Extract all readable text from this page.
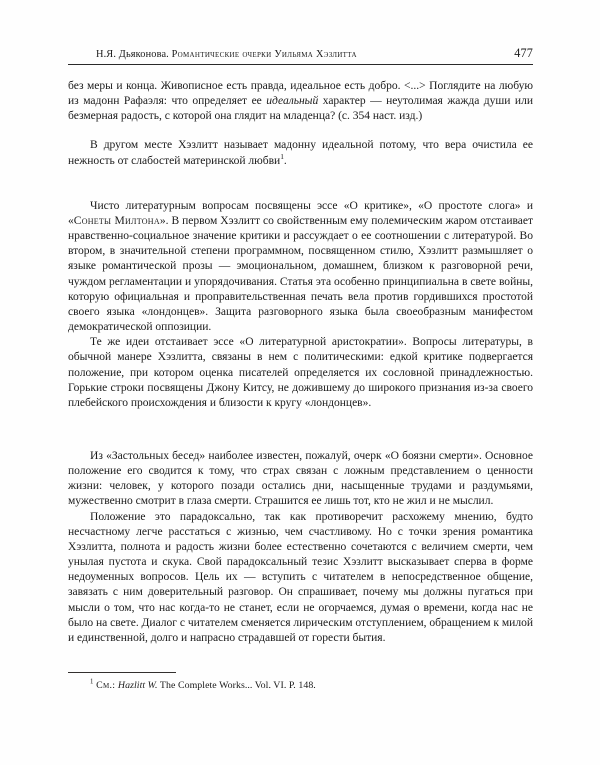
Н.Я. Дьяконова. Романтические очерки Уильяма Хэзлитта	477

без меры и конца. Живописное есть правда, идеальное есть добро. <...> Поглядите на любую из мадонн Рафаэля: что определяет ее идеальный характер — неутолимая жажда души или безмерная радость, с которой она глядит на младенца? (с. 354 наст. изд.)

В другом месте Хэзлитт называет мадонну идеальной потому, что вера очистила ее нежность от слабостей материнской любви$^1$.

Чисто литературным вопросам посвящены эссе «О критике», «О простоте слога» и «Сонеты Милтона». В первом Хэзлитт со свойственным ему полемическим жаром отстаивает нравственно-социальное значение критики и рассуждает о ее соотношении с литературой. Во втором, в значительной степени программном, посвященном стилю, Хэзлитт размышляет о языке романтической прозы — эмоциональном, домашнем, близком к разговорной речи, чуждом регламентации и упорядочивания. Статья эта особенно принципиальна в свете войны, которую официальная и проправительственная печать вела против гордившихся простотой своего языка «лондонцев». Защита разговорного языка была своеобразным манифестом демократической оппозиции.

Те же идеи отстаивает эссе «О литературной аристократии». Вопросы литературы, в обычной манере Хэзлитта, связаны в нем с политическими: едкой критике подвергается положение, при котором оценка писателей определяется их сословной принадлежностью. Горькие строки посвящены Джону Китсу, не дожившему до широкого признания из-за своего плебейского происхождения и близости к кругу «лондонцев».

Из «Застольных бесед» наиболее известен, пожалуй, очерк «О боязни смерти». Основное положение его сводится к тому, что страх связан с ложным представлением о ценности жизни: человек, у которого позади остались дни, насыщенные трудами и раздумьями, мужественно смотрит в глаза смерти. Страшится ее лишь тот, кто не жил и не мыслил.

Положение это парадоксально, так как противоречит расхожему мнению, будто несчастному легче расстаться с жизнью, чем счастливому. Но с точки зрения романтика Хэзлитта, полнота и радость жизни более естественно сочетаются с величием смерти, чем унылая пустота и скука. Свой парадоксальный тезис Хэзлитт высказывает сперва в форме недоуменных вопросов. Цель их — вступить с читателем в непосредственное общение, завязать с ним доверительный разговор. Он спрашивает, почему мы должны пугаться при мысли о том, что нас когда-то не станет, если не огорчаемся, думая о времени, когда нас не было на свете. Диалог с читателем сменяется лирическим отступлением, обращением к милой и единственной, долго и напрасно страдавшей от горести бытия.

$^1$ См.: Hazlitt W. The Complete Works... Vol. VI. P. 148.
